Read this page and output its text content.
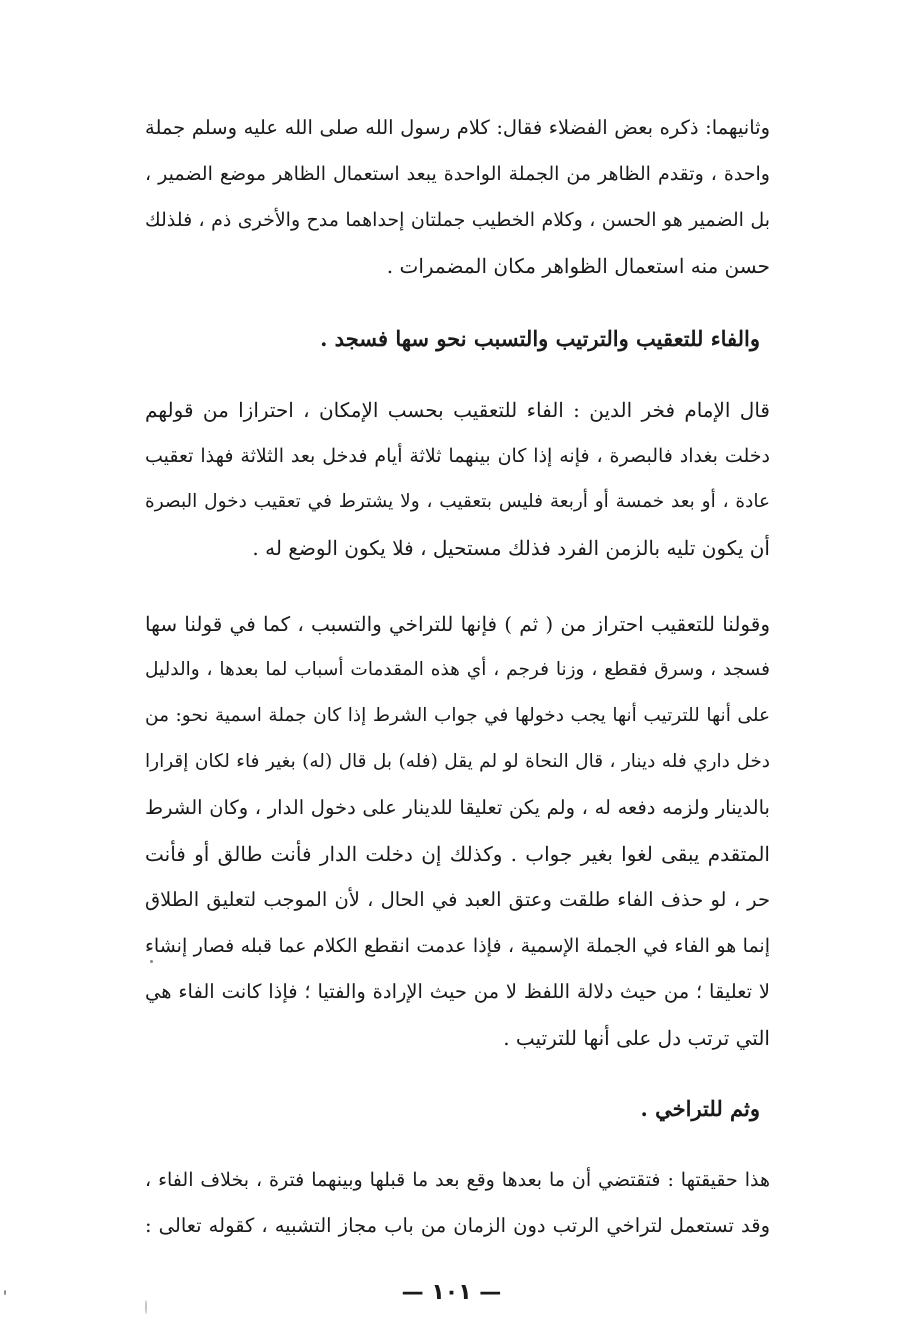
وثانيهما: ذكره بعض الفضلاء فقال: كلام رسول الله صلى الله عليه وسلم جملة
واحدة ، وتقدم الظاهر من الجملة الواحدة يبعد استعمال الظاهر موضع الضمير ،
بل الضمير هو الحسن ، وكلام الخطيب جملتان إحداهما مدح والأخرى ذم ، فلذلك
حسن منه استعمال الظواهر مكان المضمرات .
والفاء للتعقيب والترتيب والتسبب نحو سها فسجد .
قال الإمام فخر الدين : الفاء للتعقيب بحسب الإمكان ، احترازا من قولهم
دخلت بغداد فالبصرة ، فإنه إذا كان بينهما ثلاثة أيام فدخل بعد الثلاثة فهذا تعقيب
عادة ، أو بعد خمسة أو أربعة فليس بتعقيب ، ولا يشترط في تعقيب دخول البصرة
أن يكون تليه بالزمن الفرد فذلك مستحيل ، فلا يكون الوضع له .
وقولنا للتعقيب احتراز من ( ثم ) فإنها للتراخي والتسبب ، كما في قولنا سها
فسجد ، وسرق فقطع ، وزنا فرجم ، أي هذه المقدمات أسباب لما بعدها ، والدليل
على أنها للترتيب أنها يجب دخولها في جواب الشرط إذا كان جملة اسمية نحو: من
دخل داري فله دينار ، قال النحاة لو لم يقل (فله) بل قال (له) بغير فاء لكان إقرارا
بالدينار ولزمه دفعه له ، ولم يكن تعليقا للدينار على دخول الدار ، وكان الشرط
المتقدم يبقى لغوا بغير جواب . وكذلك إن دخلت الدار فأنت طالق أو فأنت
حر ، لو حذف الفاء طلقت وعتق العبد في الحال ، لأن الموجب لتعليق الطلاق
إنما هو الفاء في الجملة الإسمية ، فإذا عدمت انقطع الكلام عما قبله فصار إنشاء
لا تعليقا ؛ من حيث دلالة اللفظ لا من حيث الإرادة والفتيا ؛ فإذا كانت الفاء هي
التي ترتب دل على أنها للترتيب .
وثم للتراخي .
هذا حقيقتها : فتقتضي أن ما بعدها وقع بعد ما قبلها وبينهما فترة ، بخلاف الفاء ،
وقد تستعمل لتراخي الرتب دون الزمان من باب مجاز التشبيه ، كقوله تعالى :
— ١٠١ —
